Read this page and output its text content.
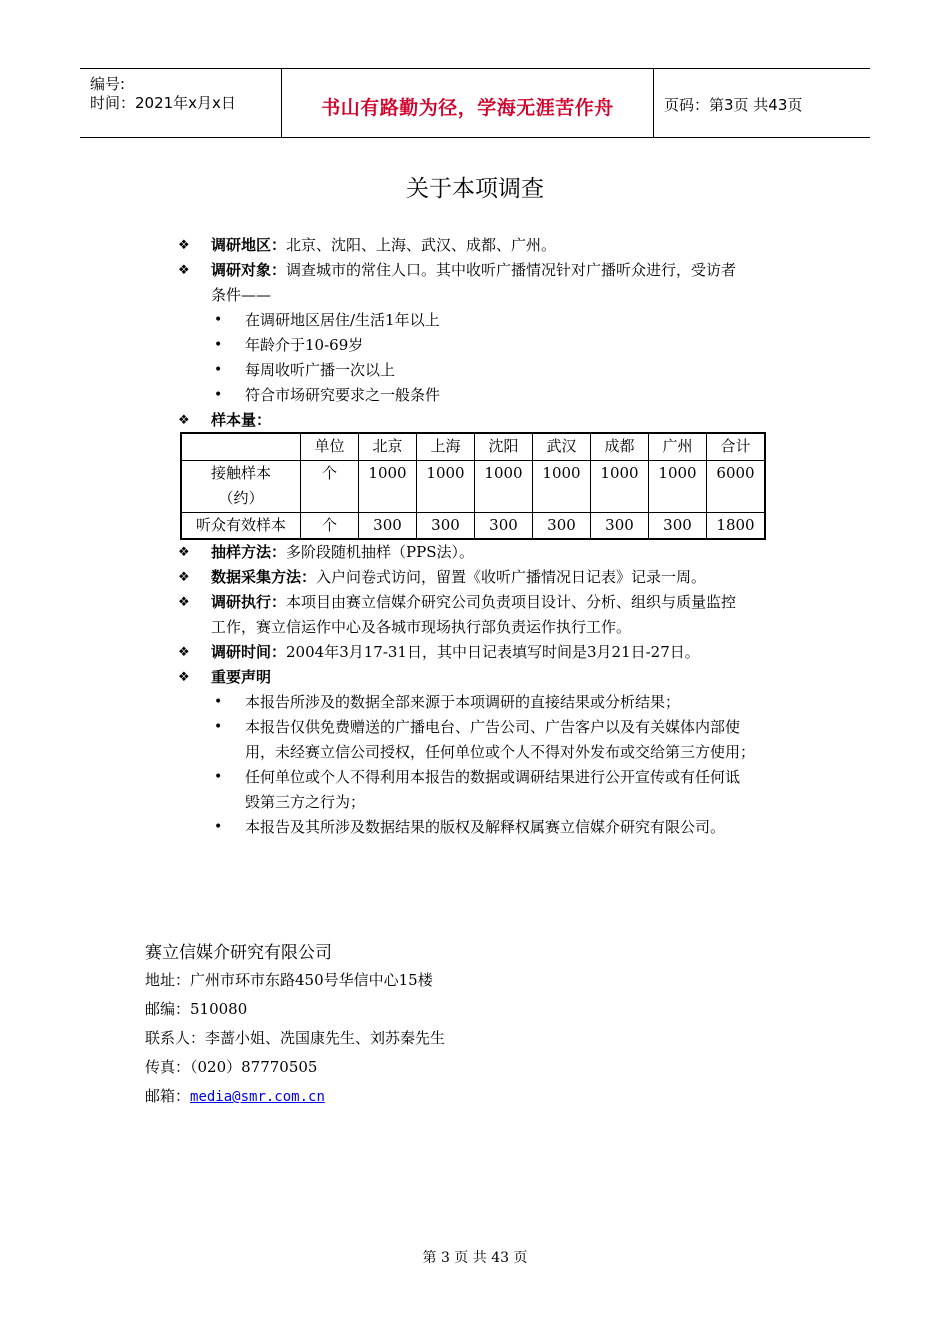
编号:
时间：2021年x月x日	书山有路勤为径，学海无涯苦作舟	页码：第3页 共43页
关于本项调查
❖ 调研地区：北京、沈阳、上海、武汉、成都、广州。
❖ 调研对象：调查城市的常住人口。其中收听广播情况针对广播听众进行，受访者
条件——
• 在调研地区居住/生活1年以上
• 年龄介于10-69岁
• 每周收听广播一次以上
• 符合市场研究要求之一般条件
❖ 样本量：
	单位	北京	上海	沈阳	武汉	成都	广州	合计

接触样本
（约）	个	1000	1000	1000	1000	1000	1000	6000
听众有效样本	个	300	300	300	300	300	300	1800
❖ 抽样方法：多阶段随机抽样（PPS法）。
❖ 数据采集方法：入户问卷式访问，留置《收听广播情况日记表》记录一周。
❖ 调研执行：本项目由赛立信媒介研究公司负责项目设计、分析、组织与质量监控
工作，赛立信运作中心及各城市现场执行部负责运作执行工作。
❖ 调研时间：2004年3月17-31日，其中日记表填写时间是3月21日-27日。
❖ 重要声明
• 本报告所涉及的数据全部来源于本项调研的直接结果或分析结果；
• 本报告仅供免费赠送的广播电台、广告公司、广告客户以及有关媒体内部使
用，未经赛立信公司授权，任何单位或个人不得对外发布或交给第三方使用；
• 任何单位或个人不得利用本报告的数据或调研结果进行公开宣传或有任何诋
毁第三方之行为；
• 本报告及其所涉及数据结果的版权及解释权属赛立信媒介研究有限公司。
赛立信媒介研究有限公司
地址：广州市环市东路450号华信中心15楼
邮编：510080
联系人：李蔷小姐、冼国康先生、刘苏秦先生
传真：（020）87770505
邮箱：media@smr.com.cn
第 3 页 共 43 页
